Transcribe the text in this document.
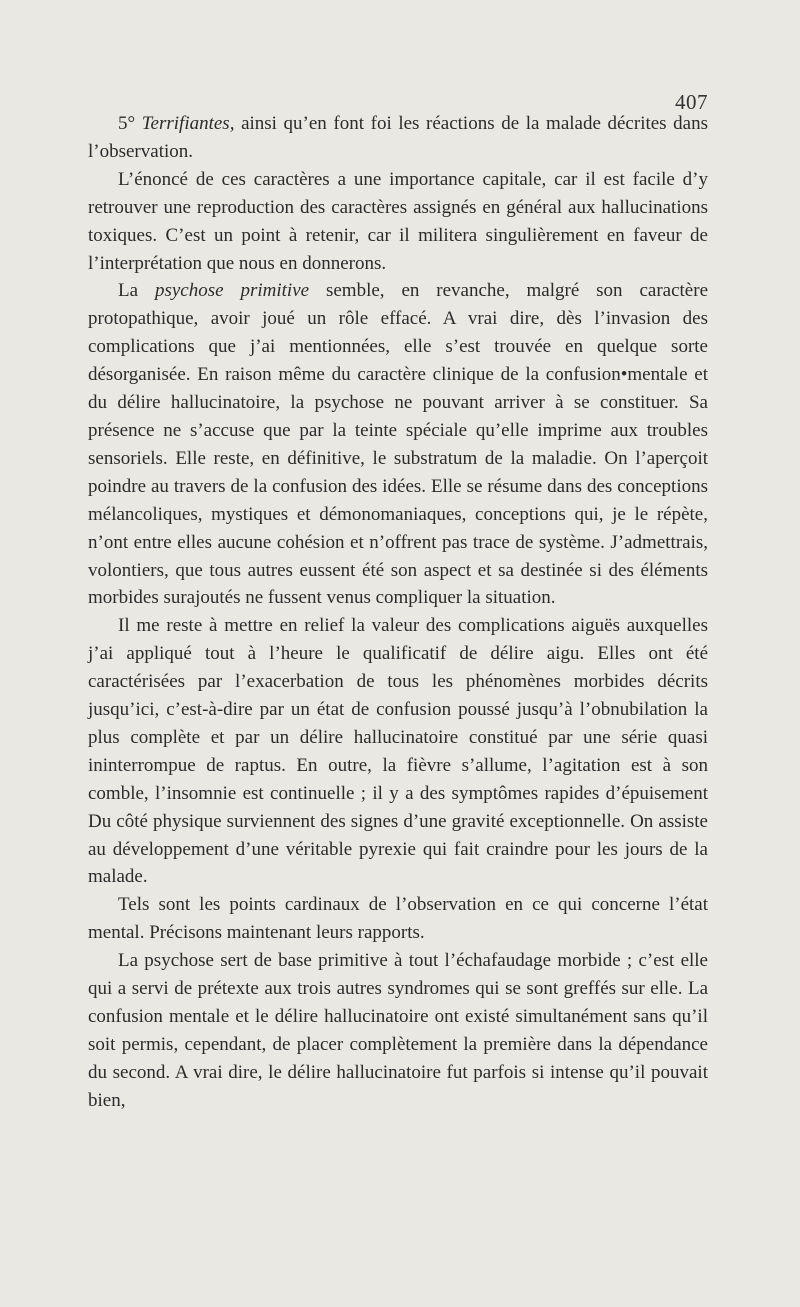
407

5° Terrifiantes, ainsi qu’en font foi les réactions de la malade décrites dans l’observation.

L’énoncé de ces caractères a une importance capitale, car il est facile d’y retrouver une reproduction des caractères assignés en général aux hallucinations toxiques. C’est un point à retenir, car il militera singulièrement en faveur de l’interprétation que nous en donnerons.

La psychose primitive semble, en revanche, malgré son caractère protopathique, avoir joué un rôle effacé. A vrai dire, dès l’invasion des complications que j’ai mentionnées, elle s’est trouvée en quelque sorte désorganisée. En raison même du caractère clinique de la confusion•mentale et du délire hallucinatoire, la psychose ne pouvant arriver à se constituer. Sa présence ne s’accuse que par la teinte spéciale qu’elle imprime aux troubles sensoriels. Elle reste, en définitive, le substratum de la maladie. On l’aperçoit poindre au travers de la confusion des idées. Elle se résume dans des conceptions mélancoliques, mystiques et démonomaniaques, conceptions qui, je le répète, n’ont entre elles aucune cohésion et n’offrent pas trace de système. J’admettrais, volontiers, que tous autres eussent été son aspect et sa destinée si des éléments morbides surajoutés ne fussent venus compliquer la situation.

Il me reste à mettre en relief la valeur des complications aiguës auxquelles j’ai appliqué tout à l’heure le qualificatif de délire aigu. Elles ont été caractérisées par l’exacerbation de tous les phénomènes morbides décrits jusqu’ici, c’est-à-dire par un état de confusion poussé jusqu’à l’obnubilation la plus complète et par un délire hallucinatoire constitué par une série quasi ininterrompue de raptus. En outre, la fièvre s’allume, l’agitation est à son comble, l’insomnie est continuelle ; il y a des symptômes rapides d’épuisement Du côté physique surviennent des signes d’une gravité exceptionnelle. On assiste au développement d’une véritable pyrexie qui fait craindre pour les jours de la malade.

Tels sont les points cardinaux de l’observation en ce qui concerne l’état mental. Précisons maintenant leurs rapports.

La psychose sert de base primitive à tout l’échafaudage morbide ; c’est elle qui a servi de prétexte aux trois autres syndromes qui se sont greffés sur elle. La confusion mentale et le délire hallucinatoire ont existé simultanément sans qu’il soit permis, cependant, de placer complètement la première dans la dépendance du second. A vrai dire, le délire hallucinatoire fut parfois si intense qu’il pouvait bien,
